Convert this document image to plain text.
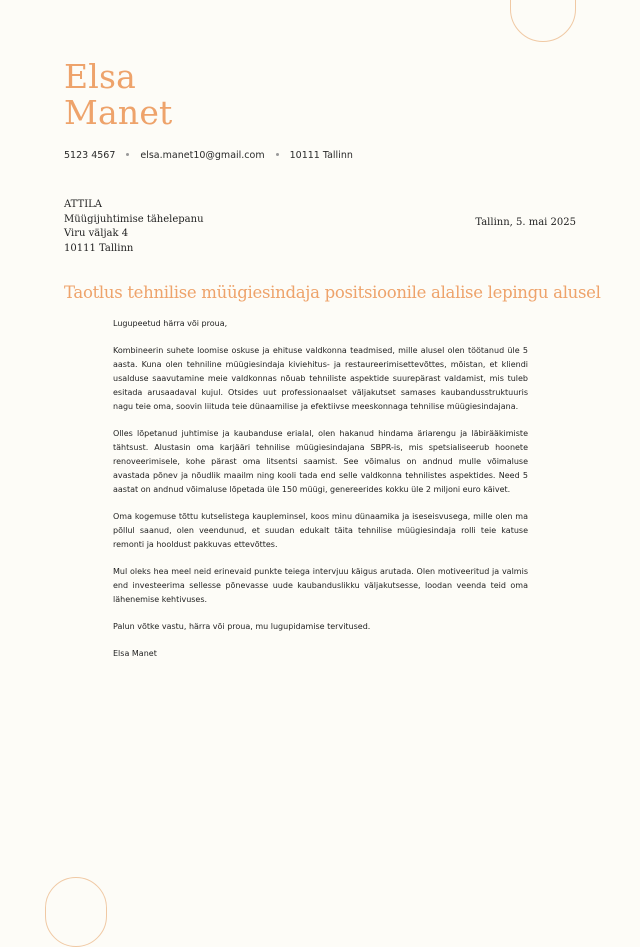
Elsa
Manet
5123 4567	elsa.manet10@gmail.com	10111 Tallinn
ATTILA
Müügijuhtimise tähelepanu
Viru väljak 4
10111 Tallinn
Tallinn, 5. mai 2025
Taotlus tehnilise müügiesindaja positsioonile alalise lepingu alusel

Lugupeetud härra või proua,

Kombineerin suhete loomise oskuse ja ehituse valdkonna teadmised, mille alusel olen töötanud üle 5 aasta. Kuna olen tehniline müügiesindaja kiviehitus- ja restaureerimisettevõttes, mõistan, et kliendi usalduse saavutamine meie valdkonnas nõuab tehniliste aspektide suurepärast valdamist, mis tuleb esitada arusaadaval kujul. Otsides uut professionaalset väljakutset samases kaubandusstruktuuris nagu teie oma, soovin liituda teie dünaamilise ja efektiivse meeskonnaga tehnilise müügiesindajana.

Olles lõpetanud juhtimise ja kaubanduse erialal, olen hakanud hindama äriarengu ja läbirääkimiste tähtsust. Alustasin oma karjääri tehnilise müügiesindajana SBPR-is, mis spetsialiseerub hoonete renoveerimisele, kohe pärast oma litsentsi saamist. See võimalus on andnud mulle võimaluse avastada põnev ja nõudlik maailm ning kooli tada end selle valdkonna tehnilistes aspektides. Need 5 aastat on andnud võimaluse lõpetada üle 150 müügi, genereerides kokku üle 2 miljoni euro käivet.

Oma kogemuse tõttu kutselistega kaupleminsel, koos minu dünaamika ja iseseisvusega, mille olen ma põllul saanud, olen veendunud, et suudan edukalt täita tehnilise müügiesindaja rolli teie katuse remonti ja hooldust pakkuvas ettevõttes.

Mul oleks hea meel neid erinevaid punkte teiega intervjuu käigus arutada. Olen motiveeritud ja valmis end investeerima sellesse põnevasse uude kaubanduslikku väljakutsesse, loodan veenda teid oma lähenemise kehtivuses.

Palun võtke vastu, härra või proua, mu lugupidamise tervitused.

Elsa Manet
